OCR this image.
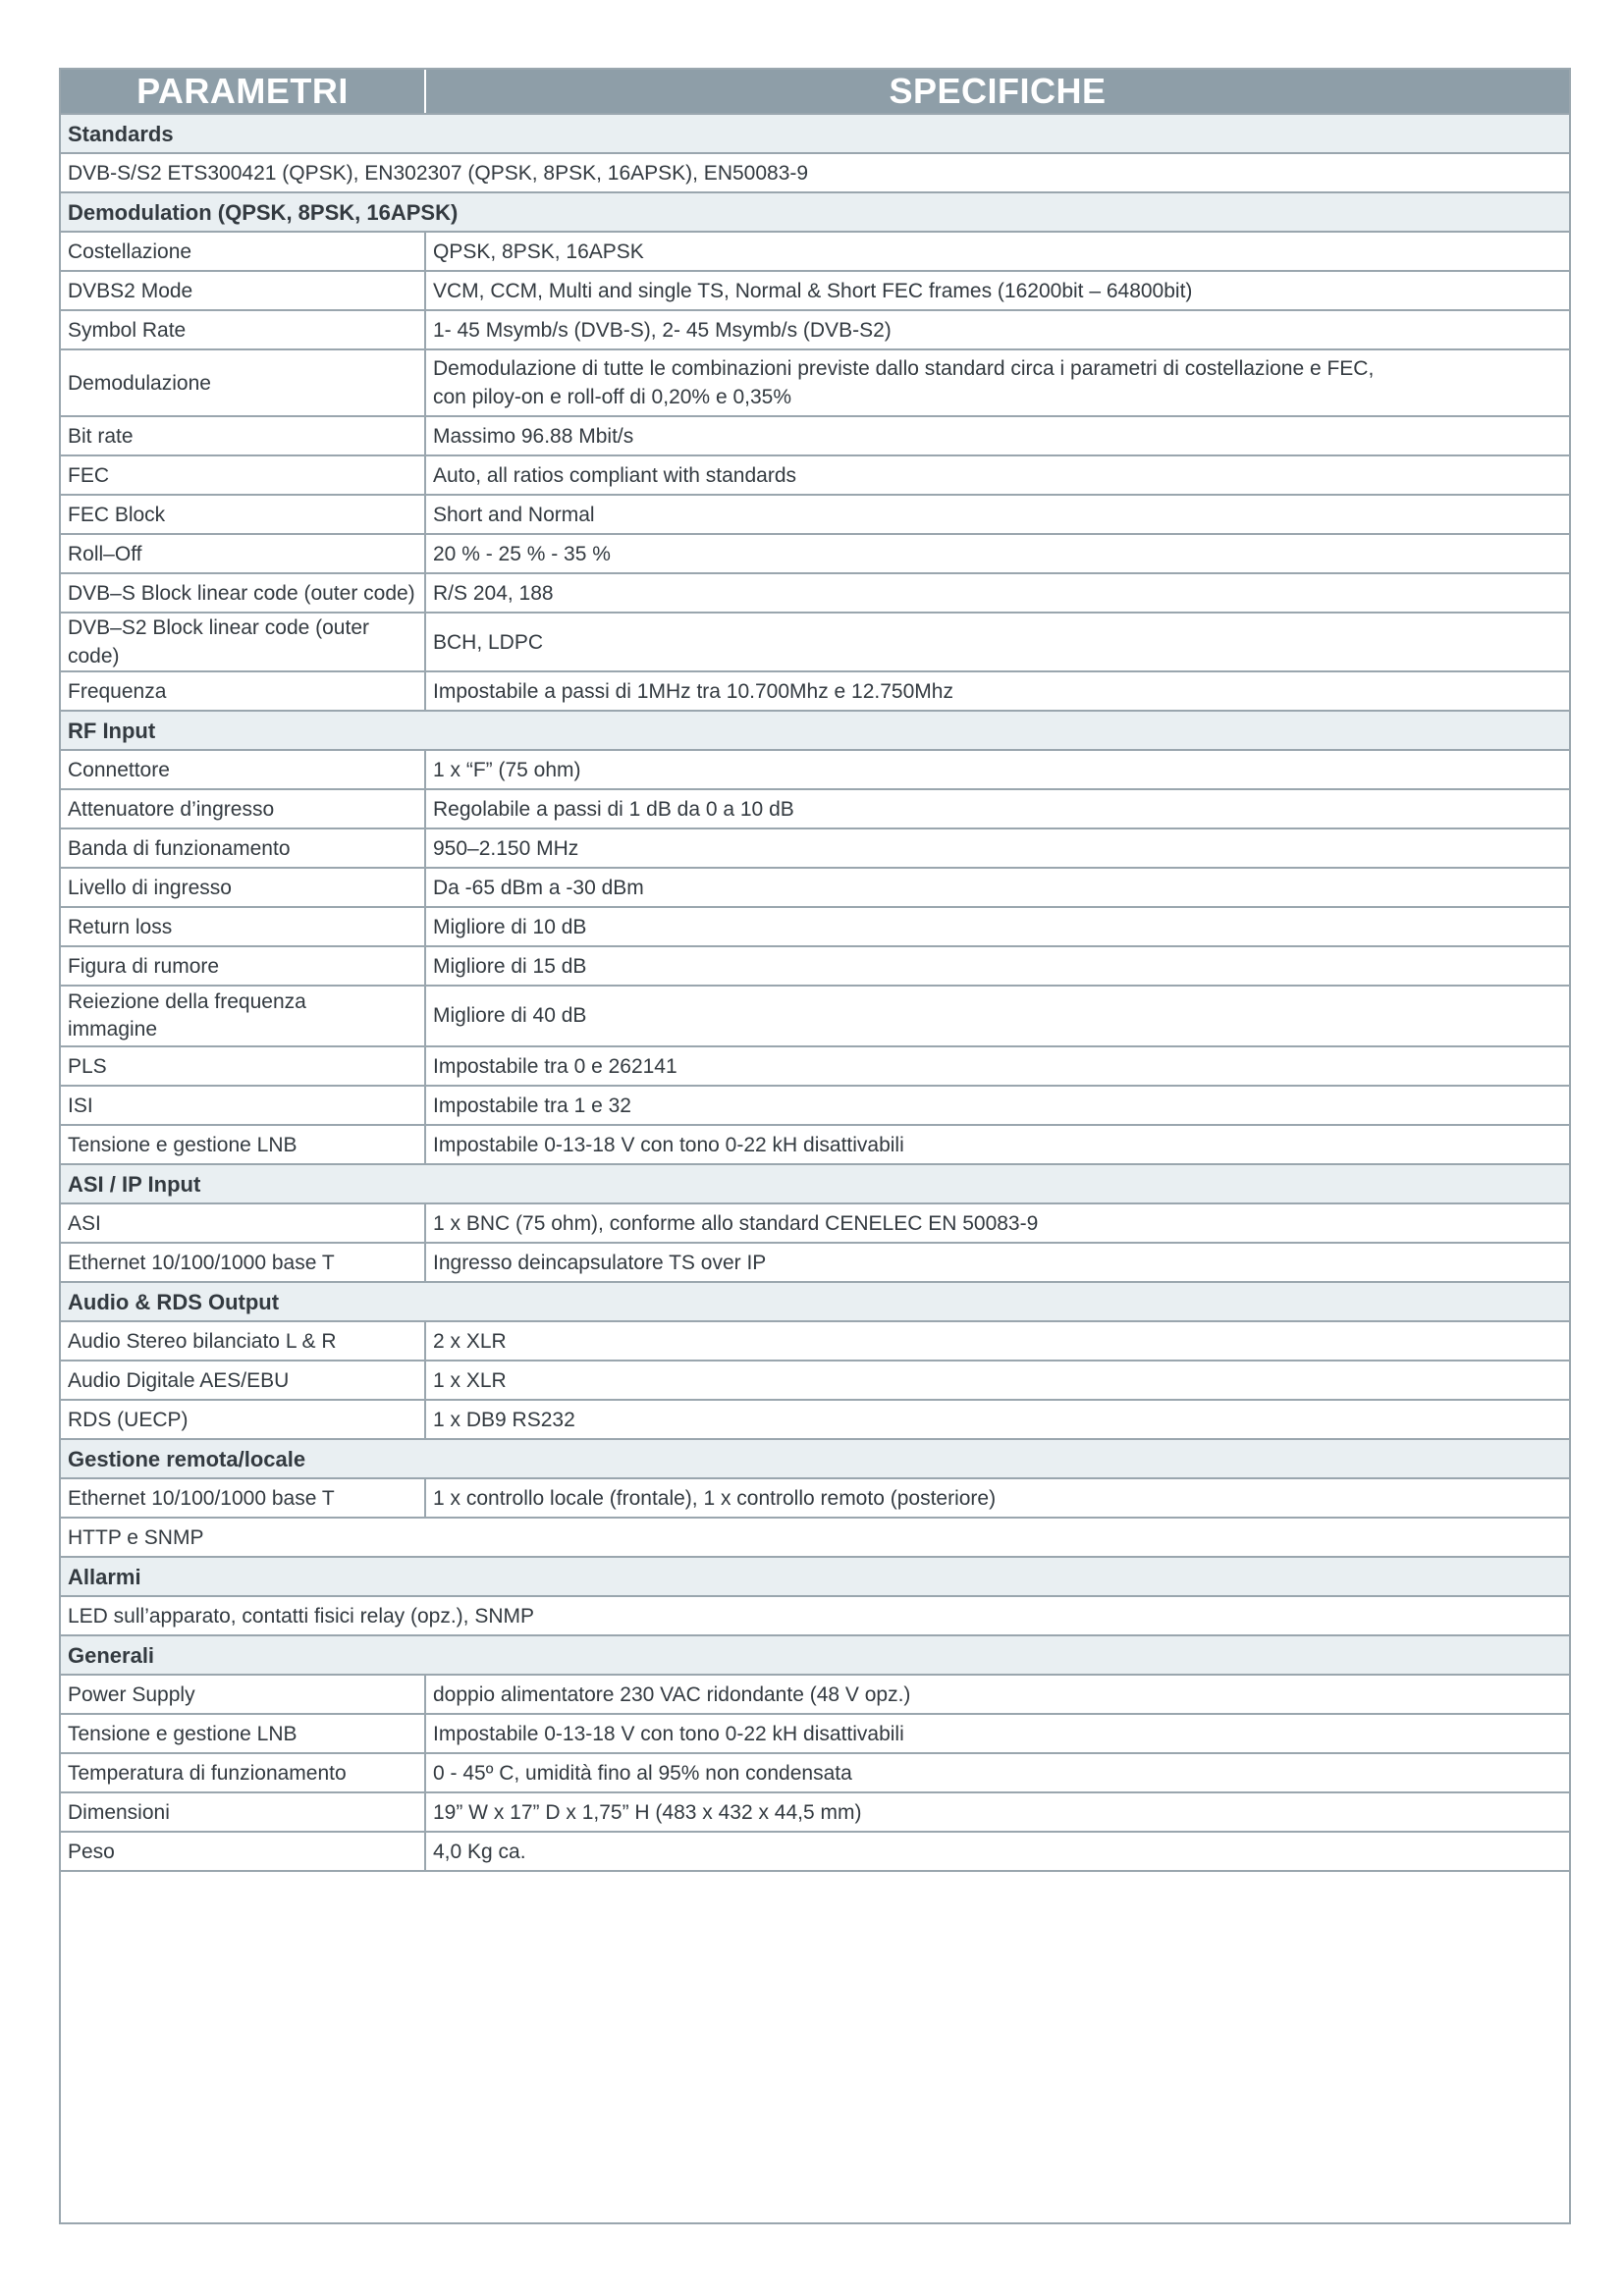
PARAMETRI	SPECIFICHE
Standards	
DVB-S/S2 ETS300421 (QPSK), EN302307 (QPSK, 8PSK, 16APSK), EN50083-9	
Demodulation (QPSK, 8PSK, 16APSK)	
Costellazione	QPSK, 8PSK, 16APSK
DVBS2 Mode	VCM, CCM, Multi and single TS, Normal & Short FEC frames (16200bit – 64800bit)
Symbol Rate	1- 45 Msymb/s (DVB-S), 2- 45 Msymb/s (DVB-S2)
Demodulazione	Demodulazione di tutte le combinazioni previste dallo standard circa i parametri di costellazione e FEC,
con piloy-on e roll-off di 0,20% e 0,35%

Bit rate	Massimo 96.88 Mbit/s
FEC	Auto, all ratios compliant with standards
FEC Block	Short and Normal
Roll–Off	20 % - 25 % - 35 %
DVB–S Block linear code (outer code)	R/S 204, 188
DVB–S2 Block linear code (outer code)	BCH, LDPC
Frequenza	Impostabile a passi di 1MHz tra 10.700Mhz e 12.750Mhz
RF Input	
Connettore	1 x “F” (75 ohm)
Attenuatore d’ingresso	Regolabile a passi di 1 dB da 0 a 10 dB
Banda di funzionamento	950–2.150 MHz
Livello di ingresso	Da -65 dBm a -30 dBm
Return loss	Migliore di 10 dB
Figura di rumore	Migliore di 15 dB

Reiezione della frequenza
immagine	Migliore di 40 dB
PLS	Impostabile tra 0 e 262141
ISI	Impostabile tra 1 e 32
Tensione e gestione LNB	Impostabile 0-13-18 V con tono 0-22 kH disattivabili
ASI / IP Input	
ASI	1 x BNC (75 ohm), conforme allo standard CENELEC EN 50083-9
Ethernet 10/100/1000 base T	Ingresso deincapsulatore TS over IP
Audio & RDS Output	
Audio Stereo bilanciato L & R	2 x XLR
Audio Digitale AES/EBU	1 x XLR
RDS (UECP)	1 x DB9 RS232
Gestione remota/locale	
Ethernet 10/100/1000 base T	1 x controllo locale (frontale), 1 x controllo remoto (posteriore)
HTTP e SNMP	
Allarmi	
LED sull’apparato, contatti fisici relay (opz.), SNMP	
Generali	
Power Supply	doppio alimentatore 230 VAC ridondante (48 V opz.)
Tensione e gestione LNB	Impostabile 0-13-18 V con tono 0-22 kH disattivabili
Temperatura di funzionamento	0 - 45º C, umidità fino al 95% non condensata
Dimensioni	19” W x 17” D x 1,75” H (483 x 432 x 44,5 mm)
Peso	4,0 Kg ca.
